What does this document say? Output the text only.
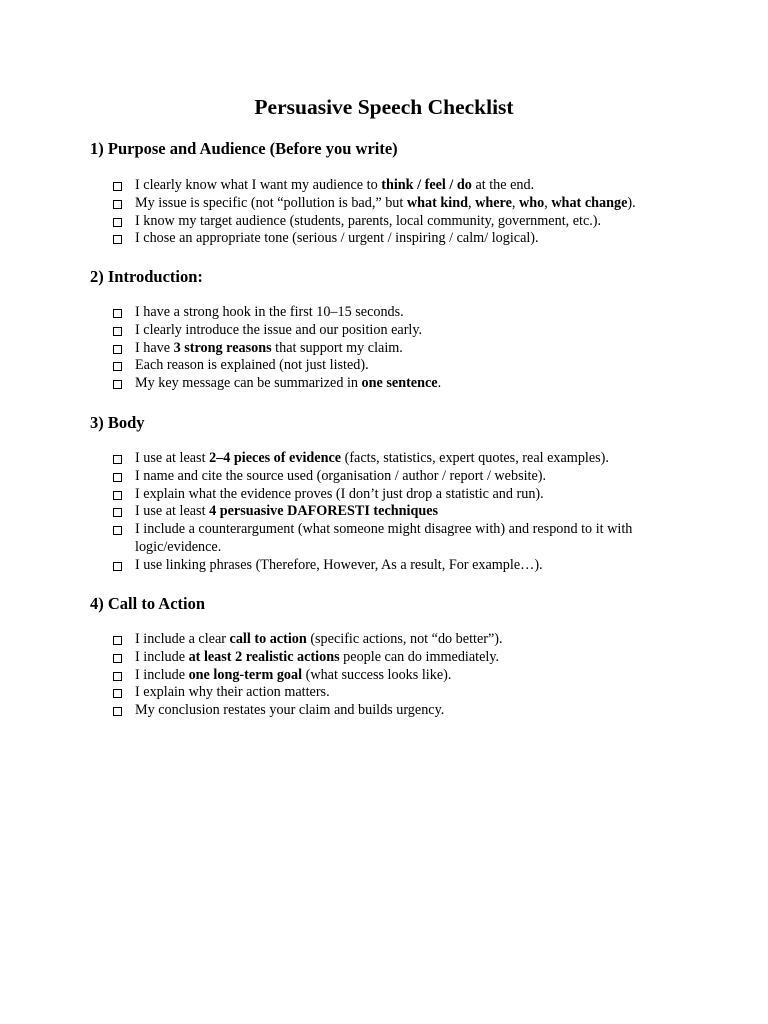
Persuasive Speech Checklist
1) Purpose and Audience (Before you write)
I clearly know what I want my audience to think / feel / do at the end.
My issue is specific (not “pollution is bad,” but what kind, where, who, what change).
I know my target audience (students, parents, local community, government, etc.).
I chose an appropriate tone (serious / urgent / inspiring / calm/ logical).
2) Introduction:
I have a strong hook in the first 10–15 seconds.
I clearly introduce the issue and our position early.
I have 3 strong reasons that support my claim.
Each reason is explained (not just listed).
My key message can be summarized in one sentence.
3) Body
I use at least 2–4 pieces of evidence (facts, statistics, expert quotes, real examples).
I name and cite the source used (organisation / author / report / website).
I explain what the evidence proves (I don’t just drop a statistic and run).
I use at least 4 persuasive DAFORESTI techniques
I include a counterargument (what someone might disagree with) and respond to it with logic/evidence.
I use linking phrases (Therefore, However, As a result, For example…).
4) Call to Action
I include a clear call to action (specific actions, not “do better”).
I include at least 2 realistic actions people can do immediately.
I include one long-term goal (what success looks like).
I explain why their action matters.
My conclusion restates your claim and builds urgency.
